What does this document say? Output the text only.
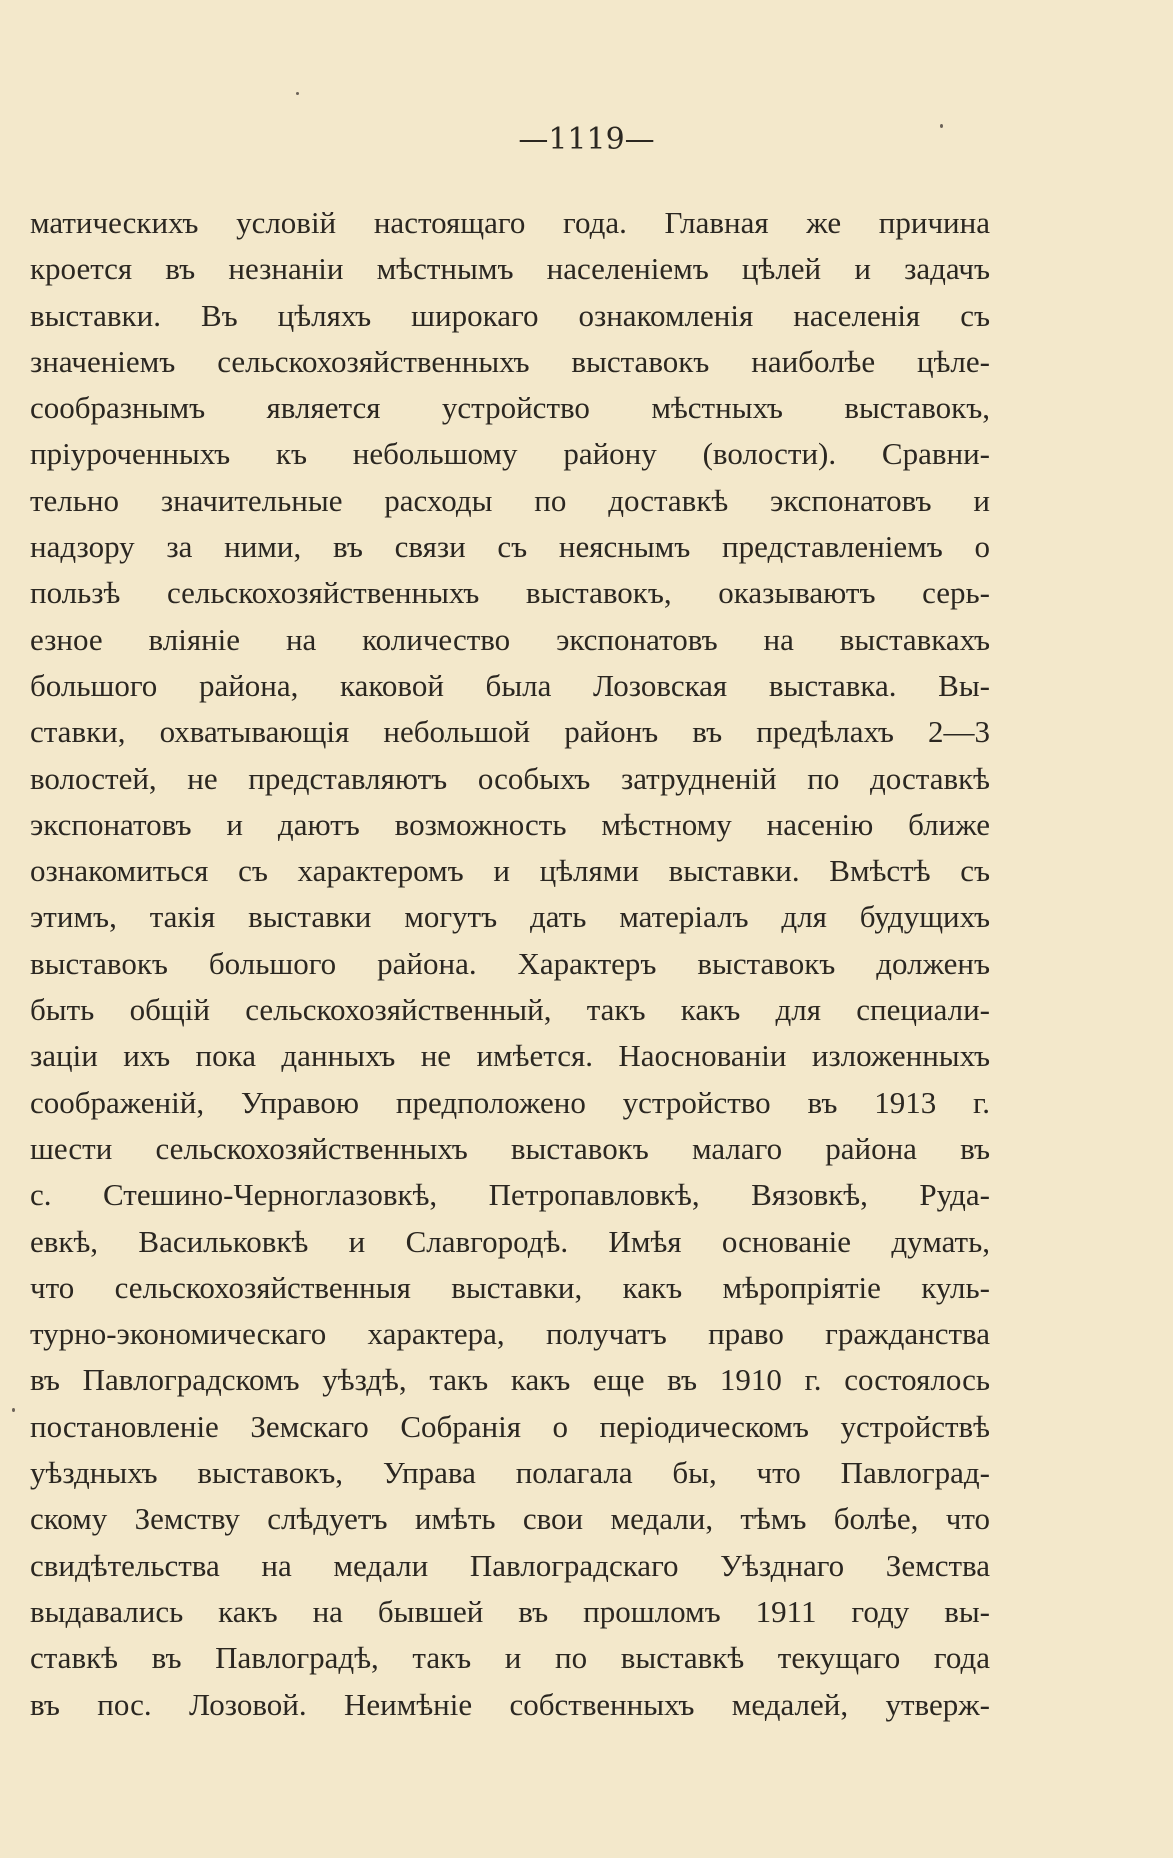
—1119—
матическихъ условій настоящаго года. Главная же причина
кроется въ незнаніи мѣстнымъ населеніемъ цѣлей и задачъ
выставки. Въ цѣляхъ широкаго ознакомленія населенія съ
значеніемъ сельскохозяйственныхъ выставокъ наиболѣе цѣле-
сообразнымъ является устройство мѣстныхъ выставокъ,
пріуроченныхъ къ небольшому району (волости). Сравни-
тельно значительные расходы по доставкѣ экспонатовъ и
надзору за ними, въ связи съ неяснымъ представленіемъ о
пользѣ сельскохозяйственныхъ выставокъ, оказываютъ серь-
езное вліяніе на количество экспонатовъ на выставкахъ
большого района, каковой была Лозовская выставка. Вы-
ставки, охватывающія небольшой районъ въ предѣлахъ 2—3
волостей, не представляютъ особыхъ затрудненій по доставкѣ
экспонатовъ и даютъ возможность мѣстному насенію ближе
ознакомиться съ характеромъ и цѣлями выставки. Вмѣстѣ съ
этимъ, такія выставки могутъ дать матеріалъ для будущихъ
выставокъ большого района. Характеръ выставокъ долженъ
быть общій сельскохозяйственный, такъ какъ для специали-
заціи ихъ пока данныхъ не имѣется. Наоснованіи изложенныхъ
соображеній, Управою предположено устройство въ 1913 г.
шести сельскохозяйственныхъ выставокъ малаго района въ
с. Стешино-Черноглазовкѣ, Петропавловкѣ, Вязовкѣ, Руда-
евкѣ, Васильковкѣ и Славгородѣ. Имѣя основаніе думать,
что сельскохозяйственныя выставки, какъ мѣропріятіе куль-
турно-экономическаго характера, получатъ право гражданства
въ Павлоградскомъ уѣздѣ, такъ какъ еще въ 1910 г. состоялось
постановленіе Земскаго Собранія о періодическомъ устройствѣ
уѣздныхъ выставокъ, Управа полагала бы, что Павлоград-
скому Земству слѣдуетъ имѣть свои медали, тѣмъ болѣе, что
свидѣтельства на медали Павлоградскаго Уѣзднаго Земства
выдавались какъ на бывшей въ прошломъ 1911 году вы-
ставкѣ въ Павлоградѣ, такъ и по выставкѣ текущаго года
въ пос. Лозовой. Неимѣніе собственныхъ медалей, утверж-
